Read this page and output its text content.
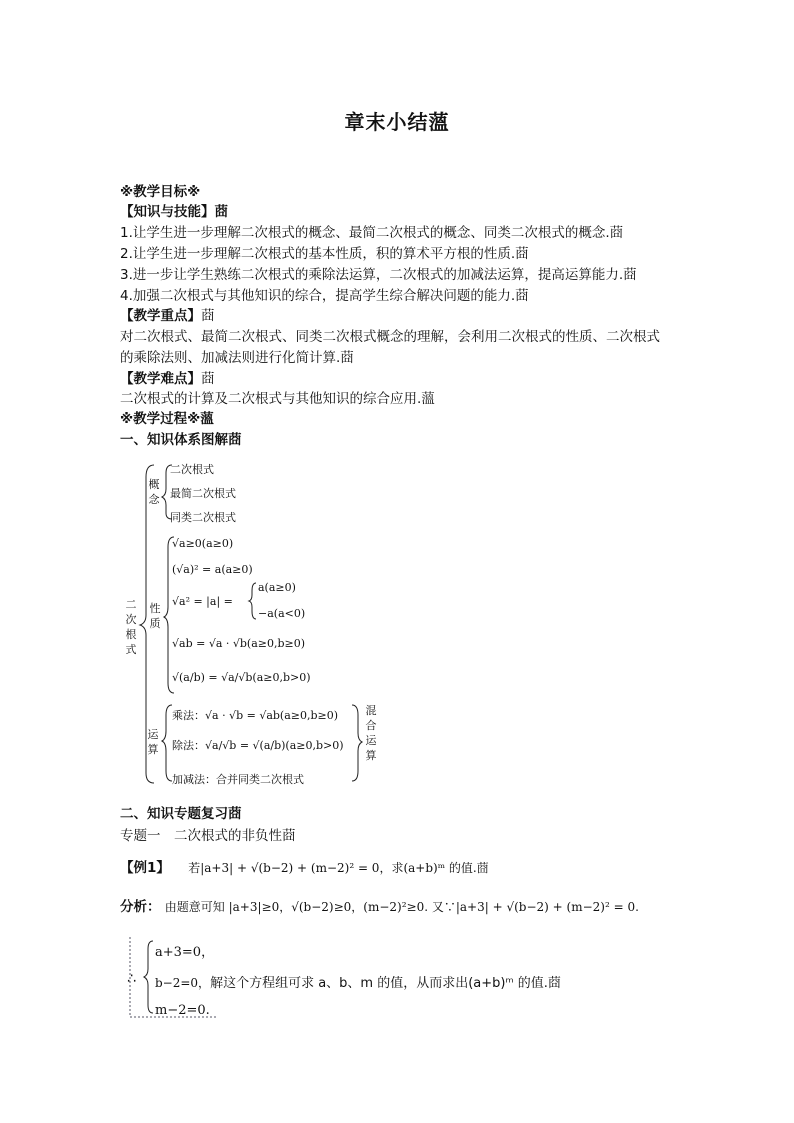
章末小结薀
※教学目标※
【知识与技能】莔
1.让学生进一步理解二次根式的概念、最简二次根式的概念、同类二次根式的概念.莔
2.让学生进一步理解二次根式的基本性质，积的算术平方根的性质.莔
3.进一步让学生熟练二次根式的乘除法运算，二次根式的加减法运算，提高运算能力.莔
4.加强二次根式与其他知识的综合，提高学生综合解决问题的能力.莔
【教学重点】莔
对二次根式、最简二次根式、同类二次根式概念的理解，会利用二次根式的性质、二次根式
的乘除法则、加减法则进行化简计算.莔
【教学难点】莔
二次根式的计算及二次根式与其他知识的综合应用.薀
※教学过程※薀
一、知识体系图解莔
二次根式
概念
性质
运算
混合运算
二次根式
最简二次根式
同类二次根式
√a≥0(a≥0)
(√a)² = a(a≥0)
√a² = |a| =
a(a≥0)
−a(a<0)
√ab = √a · √b(a≥0,b≥0)
√(a/b) = √a/√b(a≥0,b>0)
乘法：√a · √b = √ab(a≥0,b≥0)
除法：√a/√b = √(a/b)(a≥0,b>0)
加减法：合并同类二次根式
二、知识专题复习莔
专题一　二次根式的非负性莔
【例1】 若|a+3| + √(b−2) + (m−2)² = 0，求(a+b)ᵐ 的值.莔
分析： 由题意可知 |a+3|≥0，√(b−2)≥0，(m−2)²≥0. 又∵|a+3| + √(b−2) + (m−2)² = 0.
∴
a+3=0，
b−2=0，解这个方程组可求 a、b、m 的值，从而求出(a+b)ᵐ 的值.莔
m−2=0.
